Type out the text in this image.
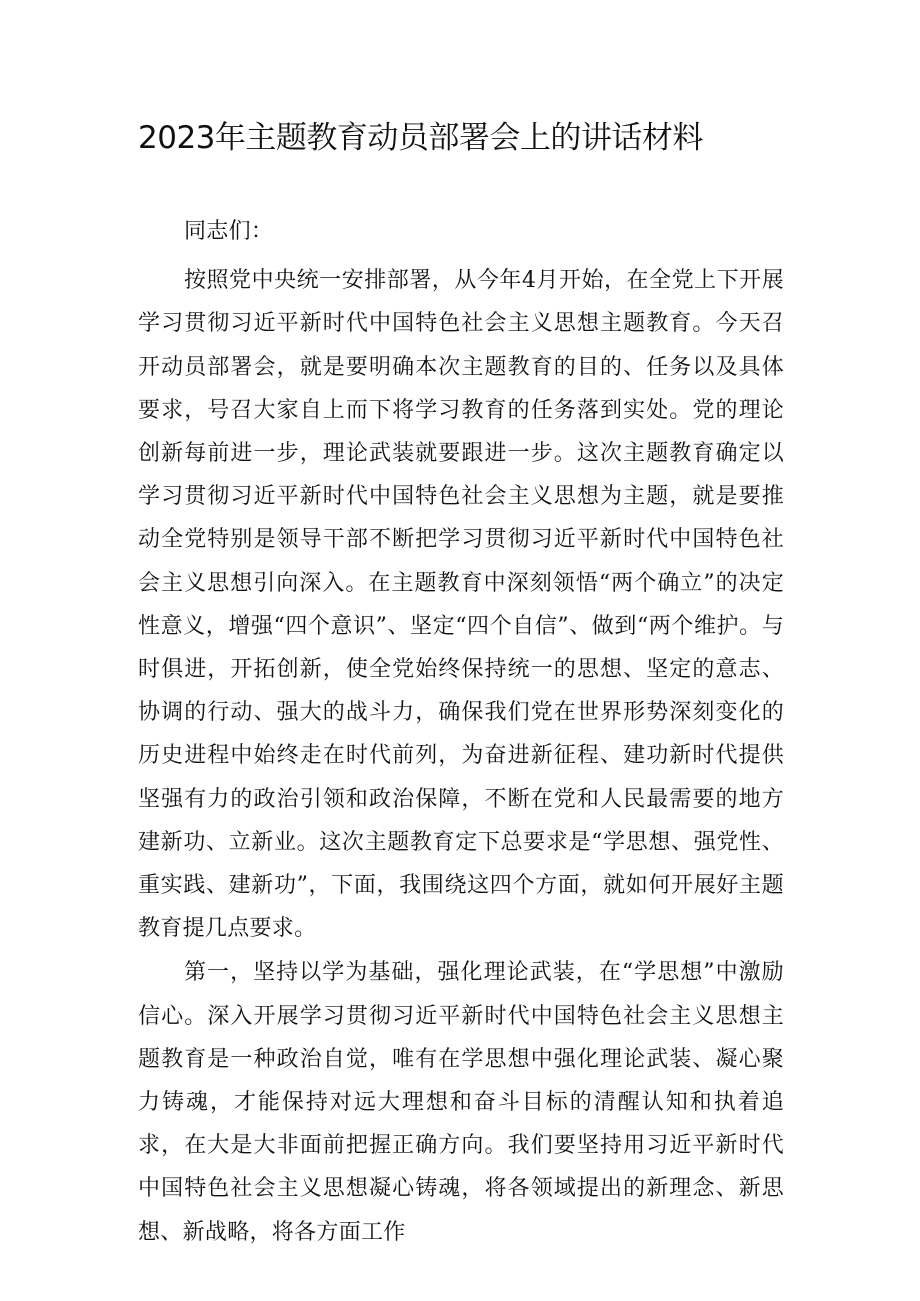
2023年主题教育动员部署会上的讲话材料

同志们：

按照党中央统一安排部署，从今年4月开始，在全党上下开展学习贯彻习近平新时代中国特色社会主义思想主题教育。今天召开动员部署会，就是要明确本次主题教育的目的、任务以及具体要求，号召大家自上而下将学习教育的任务落到实处。党的理论创新每前进一步，理论武装就要跟进一步。这次主题教育确定以学习贯彻习近平新时代中国特色社会主义思想为主题，就是要推动全党特别是领导干部不断把学习贯彻习近平新时代中国特色社会主义思想引向深入。在主题教育中深刻领悟“两个确立”的决定性意义，增强“四个意识”、坚定“四个自信”、做到“两个维护。与时俱进，开拓创新，使全党始终保持统一的思想、坚定的意志、协调的行动、强大的战斗力，确保我们党在世界形势深刻变化的历史进程中始终走在时代前列，为奋进新征程、建功新时代提供坚强有力的政治引领和政治保障，不断在党和人民最需要的地方建新功、立新业。这次主题教育定下总要求是“学思想、强党性、重实践、建新功”，下面，我围绕这四个方面，就如何开展好主题教育提几点要求。

第一，坚持以学为基础，强化理论武装，在“学思想”中激励信心。深入开展学习贯彻习近平新时代中国特色社会主义思想主题教育是一种政治自觉，唯有在学思想中强化理论武装、凝心聚力铸魂，才能保持对远大理想和奋斗目标的清醒认知和执着追求，在大是大非面前把握正确方向。我们要坚持用习近平新时代中国特色社会主义思想凝心铸魂，将各领域提出的新理念、新思想、新战略，将各方面工作
